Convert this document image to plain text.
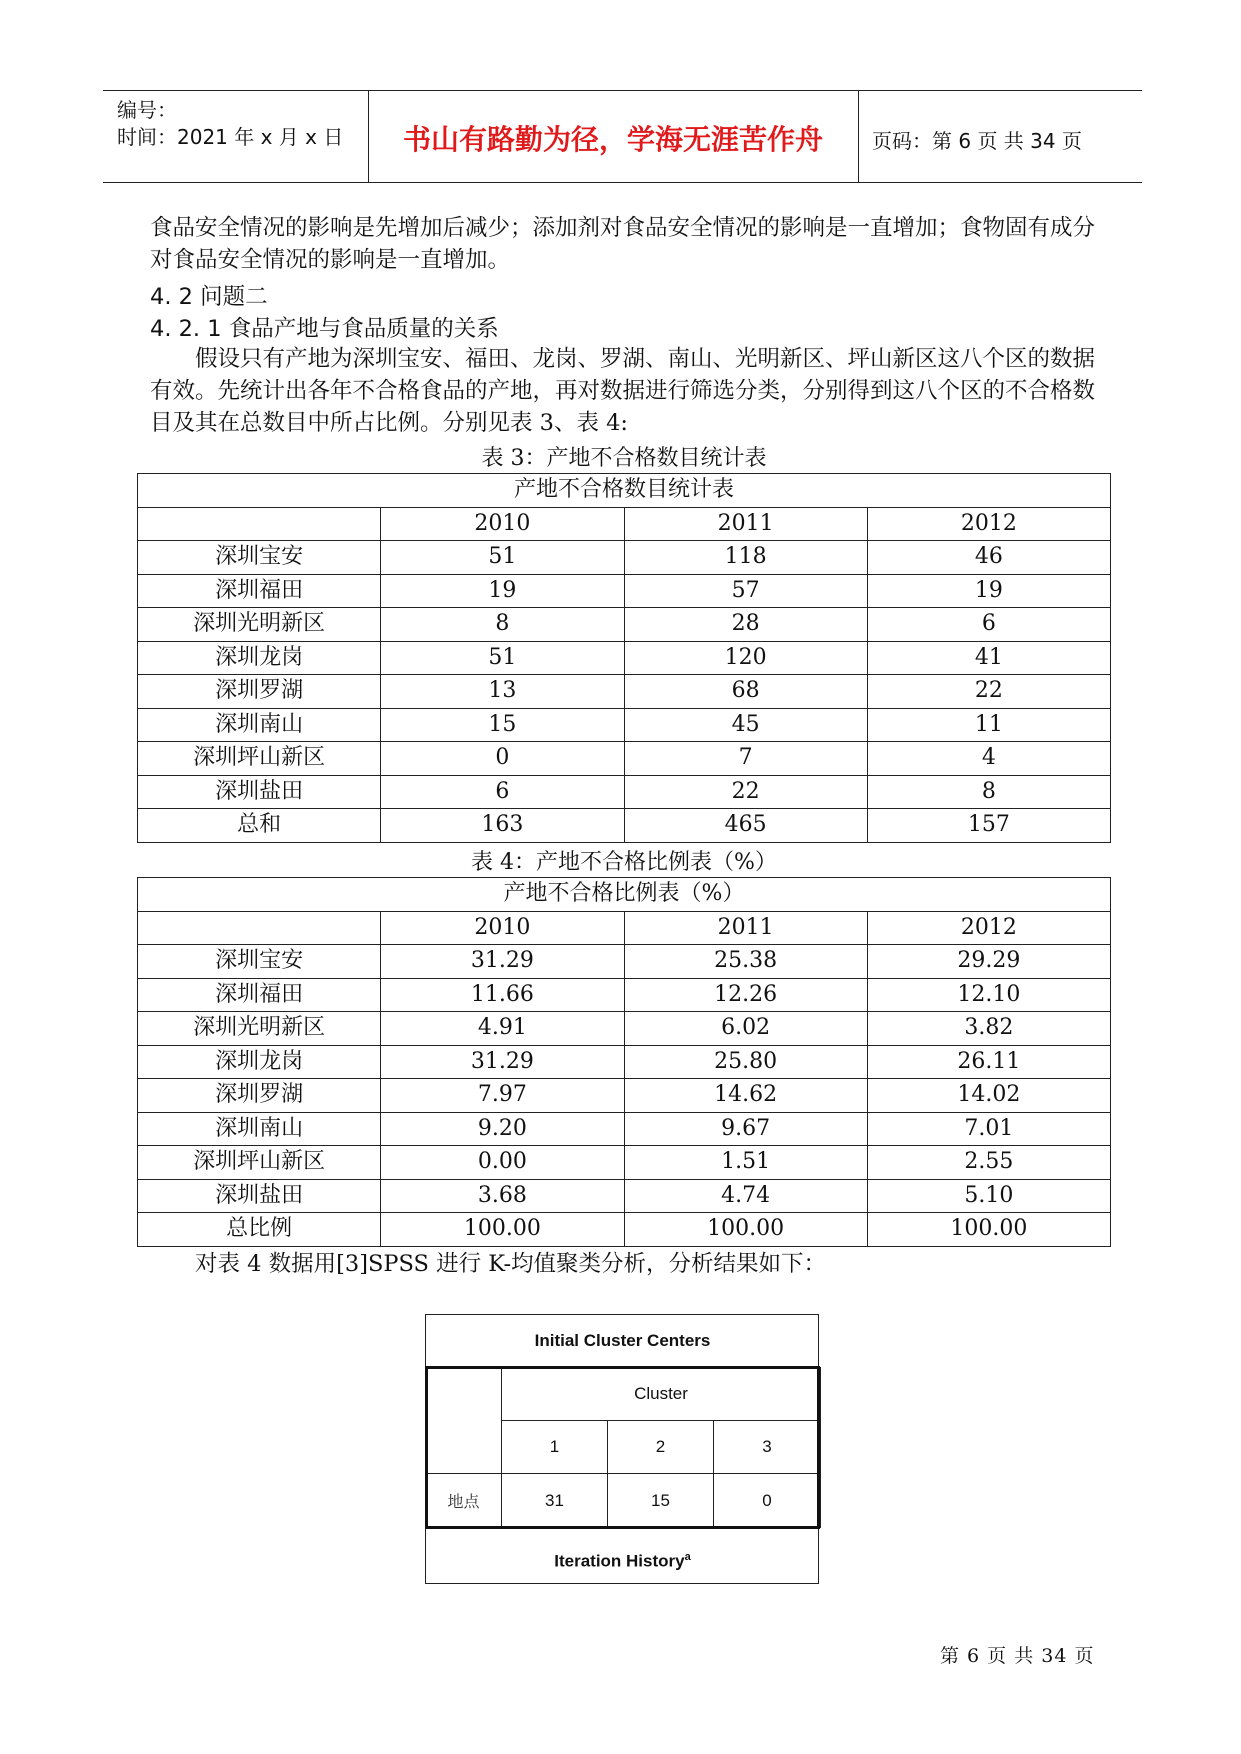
编号：
时间：2021 年 x 月 x 日	书山有路勤为径，学海无涯苦作舟	页码：第 6 页 共 34 页
食品安全情况的影响是先增加后减少；添加剂对食品安全情况的影响是一直增加；食物固有成分对食品安全情况的影响是一直增加。
4. 2 问题二
4. 2. 1 食品产地与食品质量的关系
假设只有产地为深圳宝安、福田、龙岗、罗湖、南山、光明新区、坪山新区这八个区的数据有效。先统计出各年不合格食品的产地，再对数据进行筛选分类，分别得到这八个区的不合格数目及其在总数目中所占比例。分别见表 3、表 4:
表 3：产地不合格数目统计表
产地不合格数目统计表			
	2010	2011	2012
深圳宝安	51	118	46
深圳福田	19	57	19
深圳光明新区	8	28	6
深圳龙岗	51	120	41
深圳罗湖	13	68	22
深圳南山	15	45	11
深圳坪山新区	0	7	4
深圳盐田	6	22	8
总和	163	465	157
表 4：产地不合格比例表（%）
产地不合格比例表（%）			
	2010	2011	2012
深圳宝安	31.29	25.38	29.29
深圳福田	11.66	12.26	12.10
深圳光明新区	4.91	6.02	3.82
深圳龙岗	31.29	25.80	26.11
深圳罗湖	7.97	14.62	14.02
深圳南山	9.20	9.67	7.01
深圳坪山新区	0.00	1.51	2.55
深圳盐田	3.68	4.74	5.10
总比例	100.00	100.00	100.00
对表 4 数据用[3]SPSS 进行 K-均值聚类分析，分析结果如下：
Initial Cluster Centers
	Cluster		
	1	2	3
地点	31	15	0
Iteration History$^a$
第 6 页 共 34 页
